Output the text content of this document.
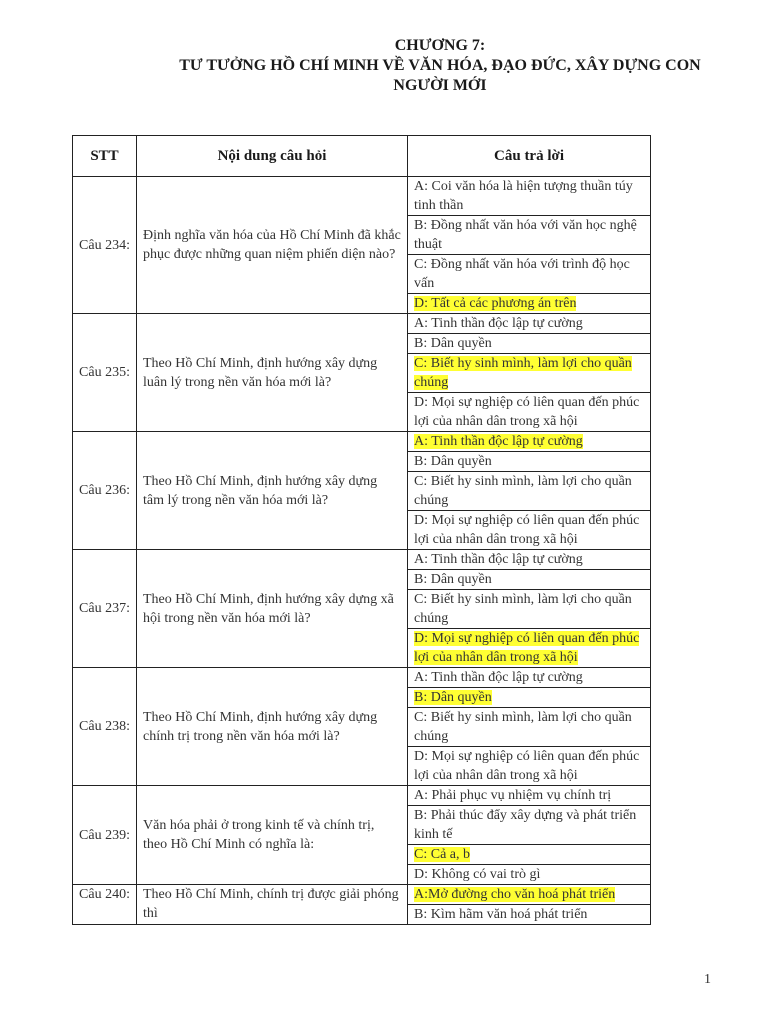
CHƯƠNG 7:
TƯ TƯỞNG HỒ CHÍ MINH VỀ VĂN HÓA, ĐẠO ĐỨC, XÂY DỰNG CON
NGƯỜI MỚI
STT	Nội dung câu hỏi	Câu trả lời
Câu 234:	Định nghĩa văn hóa của Hồ Chí Minh đã khắc phục được những quan niệm phiến diện nào?	A: Coi văn hóa là hiện tượng thuần túy tinh thần
		B: Đồng nhất văn hóa với văn học nghệ thuật
		C: Đồng nhất văn hóa với trình độ học vấn
		D: Tất cả các phương án trên
Câu 235:	Theo Hồ Chí Minh, định hướng xây dựng luân lý trong nền văn hóa mới là?	A: Tinh thần độc lập tự cường
		B: Dân quyền
		C: Biết hy sinh mình, làm lợi cho quần chúng
		D: Mọi sự nghiệp có liên quan đến phúc lợi của nhân dân trong xã hội
Câu 236:	Theo Hồ Chí Minh, định hướng xây dựng tâm lý trong nền văn hóa mới là?	A: Tinh thần độc lập tự cường
		B: Dân quyền
		C: Biết hy sinh mình, làm lợi cho quần chúng
		D: Mọi sự nghiệp có liên quan đến phúc lợi của nhân dân trong xã hội
Câu 237:	Theo Hồ Chí Minh, định hướng xây dựng xã hội trong nền văn hóa mới là?	A: Tinh thần độc lập tự cường
		B: Dân quyền
		C: Biết hy sinh mình, làm lợi cho quần chúng
		D: Mọi sự nghiệp có liên quan đến phúc lợi của nhân dân trong xã hội
Câu 238:	Theo Hồ Chí Minh, định hướng xây dựng chính trị trong nền văn hóa mới là?	A: Tinh thần độc lập tự cường
		B: Dân quyền
		C: Biết hy sinh mình, làm lợi cho quần chúng
		D: Mọi sự nghiệp có liên quan đến phúc lợi của nhân dân trong xã hội
Câu 239:	Văn hóa phải ở trong kinh tế và chính trị, theo Hồ Chí Minh có nghĩa là:	A: Phải phục vụ nhiệm vụ chính trị
		B: Phải thúc đẩy xây dựng và phát triển kinh tế
		C: Cả a, b
		D: Không có vai trò gì
Câu 240:	Theo Hồ Chí Minh, chính trị được giải phóng thì	A:Mở đường cho văn hoá phát triển
		B: Kìm hãm văn hoá phát triển
1
